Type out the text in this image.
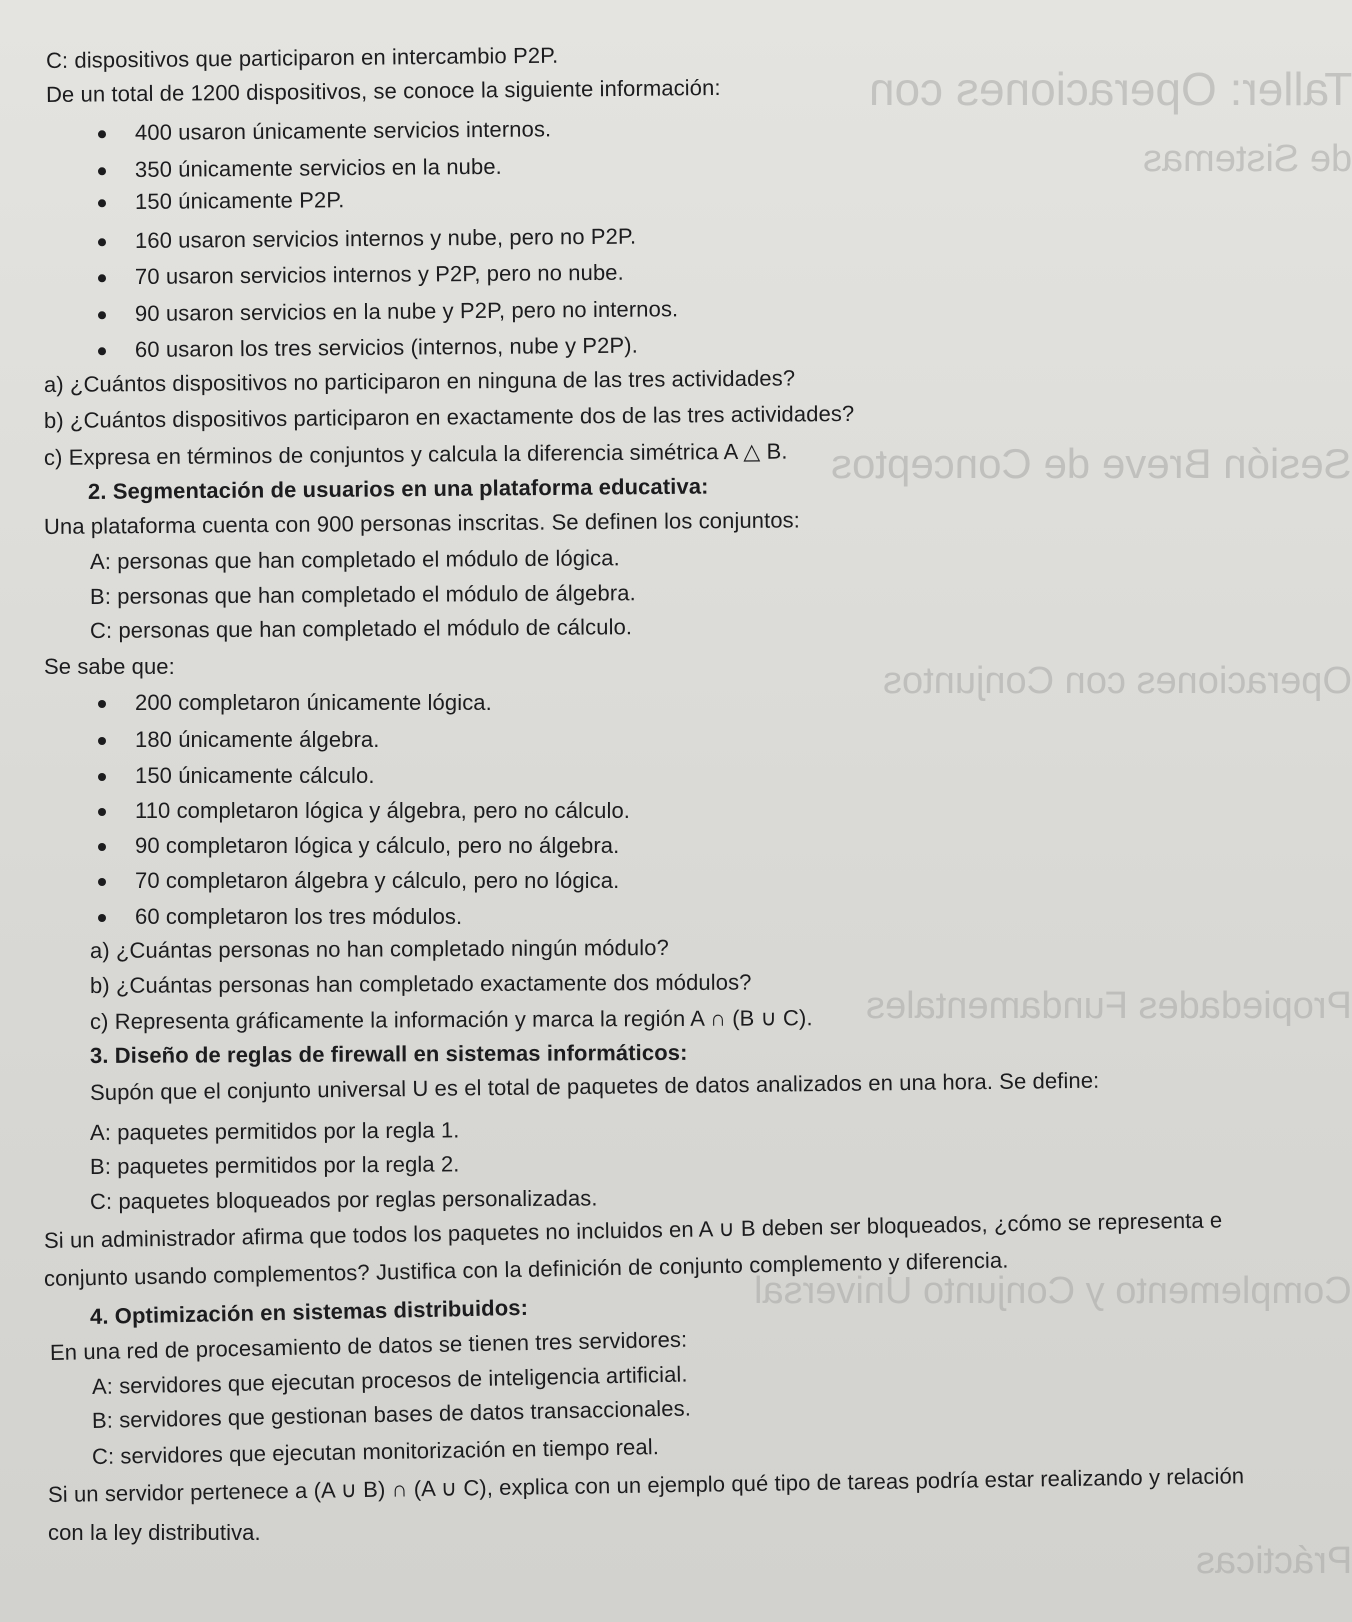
Taller: Operaciones con
de Sistemas
Sesión Breve de Conceptos
Operaciones con Conjuntos
Propiedades Fundamentales
Complemento y Conjunto Universal
Prácticas
C: dispositivos que participaron en intercambio P2P.
De un total de 1200 dispositivos, se conoce la siguiente información:
400 usaron únicamente servicios internos.
350 únicamente servicios en la nube.
150 únicamente P2P.
160 usaron servicios internos y nube, pero no P2P.
70 usaron servicios internos y P2P, pero no nube.
90 usaron servicios en la nube y P2P, pero no internos.
60 usaron los tres servicios (internos, nube y P2P).
a) ¿Cuántos dispositivos no participaron en ninguna de las tres actividades?
b) ¿Cuántos dispositivos participaron en exactamente dos de las tres actividades?
c) Expresa en términos de conjuntos y calcula la diferencia simétrica A △ B.
2. Segmentación de usuarios en una plataforma educativa:
Una plataforma cuenta con 900 personas inscritas. Se definen los conjuntos:
A: personas que han completado el módulo de lógica.
B: personas que han completado el módulo de álgebra.
C: personas que han completado el módulo de cálculo.
Se sabe que:
200 completaron únicamente lógica.
180 únicamente álgebra.
150 únicamente cálculo.
110 completaron lógica y álgebra, pero no cálculo.
90 completaron lógica y cálculo, pero no álgebra.
70 completaron álgebra y cálculo, pero no lógica.
60 completaron los tres módulos.
a) ¿Cuántas personas no han completado ningún módulo?
b) ¿Cuántas personas han completado exactamente dos módulos?
c) Representa gráficamente la información y marca la región A ∩ (B ∪ C).
3. Diseño de reglas de firewall en sistemas informáticos:
Supón que el conjunto universal U es el total de paquetes de datos analizados en una hora. Se define:
A: paquetes permitidos por la regla 1.
B: paquetes permitidos por la regla 2.
C: paquetes bloqueados por reglas personalizadas.
Si un administrador afirma que todos los paquetes no incluidos en A ∪ B deben ser bloqueados, ¿cómo se representa e
conjunto usando complementos? Justifica con la definición de conjunto complemento y diferencia.
4. Optimización en sistemas distribuidos:
En una red de procesamiento de datos se tienen tres servidores:
A: servidores que ejecutan procesos de inteligencia artificial.
B: servidores que gestionan bases de datos transaccionales.
C: servidores que ejecutan monitorización en tiempo real.
Si un servidor pertenece a (A ∪ B) ∩ (A ∪ C), explica con un ejemplo qué tipo de tareas podría estar realizando y relación
con la ley distributiva.
